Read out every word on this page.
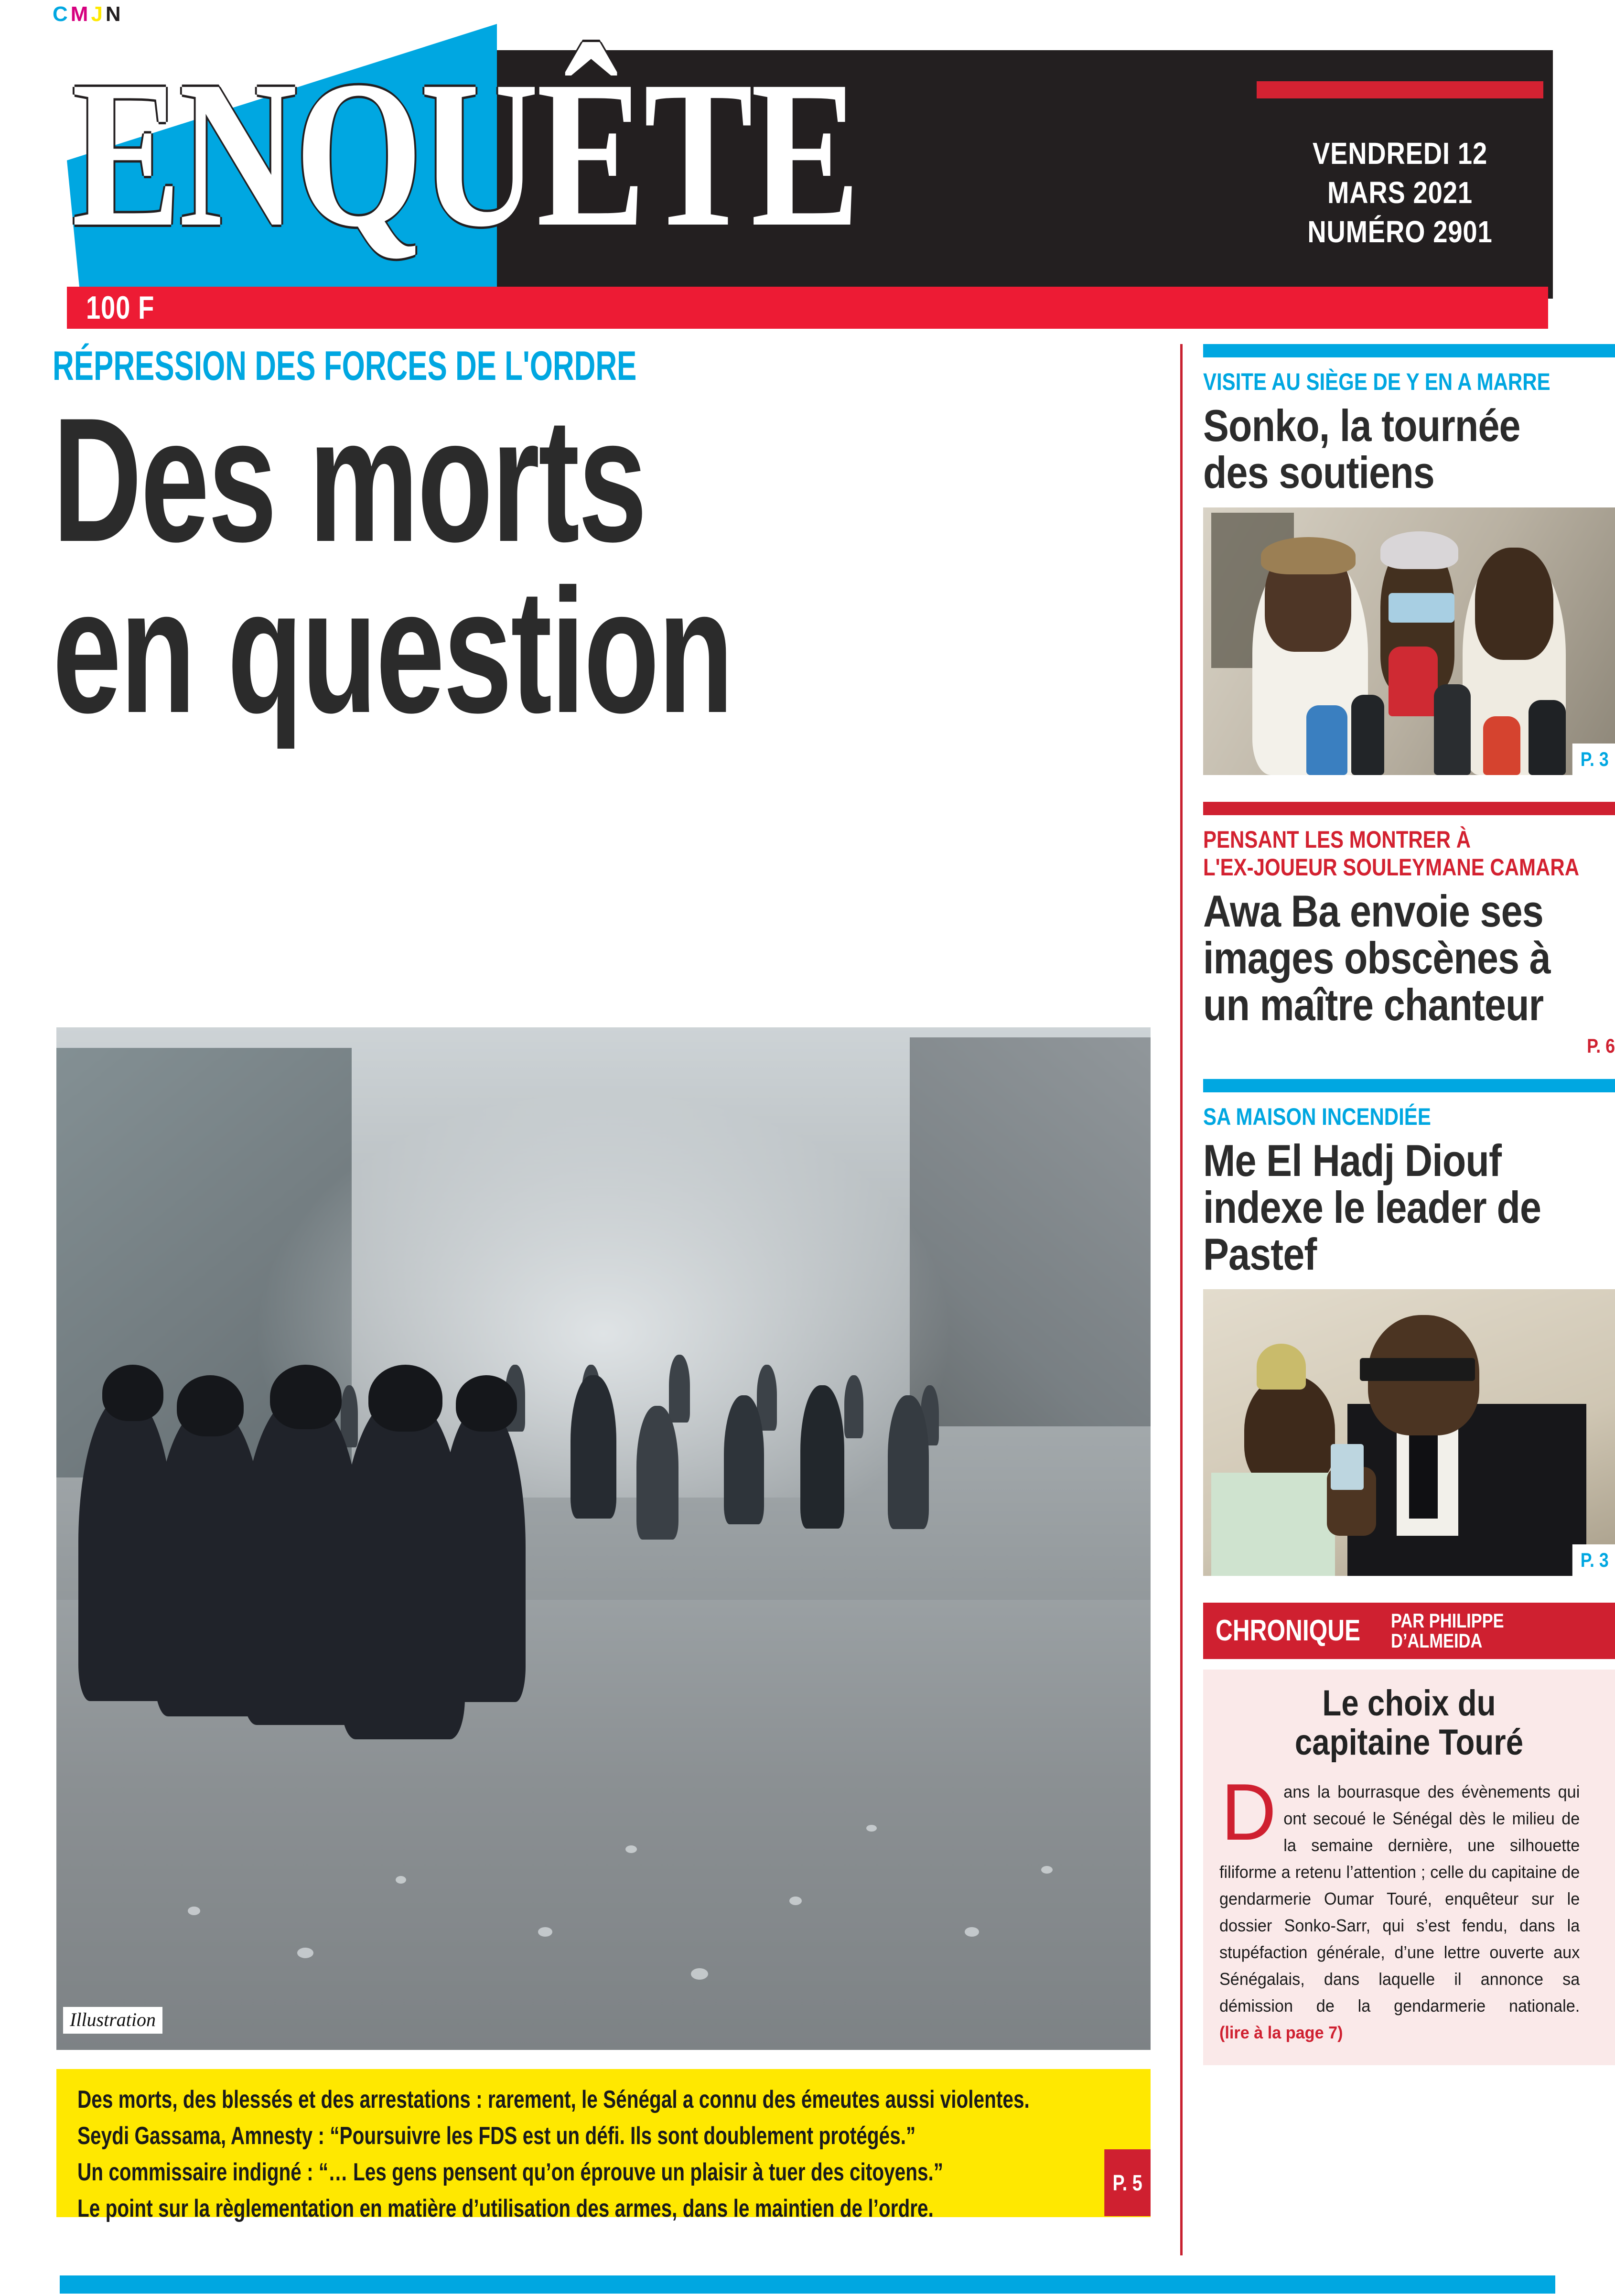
CMJN
ENQUÊTE	VENDREDI 12
MARS 2021
NUMÉRO 2901
100 F
RÉPRESSION DES FORCES DE L'ORDRE
Des morts
en question
Illustration

Des morts, des blessés et des arrestations : rarement, le Sénégal a connu des émeutes aussi violentes.

Seydi Gassama, Amnesty : “Poursuivre les FDS est un défi. Ils sont doublement protégés.”

Un commissaire indigné : “… Les gens pensent qu’on éprouve un plaisir à tuer des citoyens.”

Le point sur la règlementation en matière d’utilisation des armes, dans le maintien de l’ordre.

P. 5
VISITE AU SIÈGE DE Y EN A MARRE
Sonko, la tournée des soutiens
P. 3
PENSANT LES MONTRER À
L'EX-JOUEUR SOULEYMANE CAMARA
Awa Ba envoie ses images obscènes à un maître chanteur
P. 6
SA MAISON INCENDIÉE
Me El Hadj Diouf indexe le leader de Pastef
P. 3
CHRONIQUE PAR PHILIPPE D’ALMEIDA
Le choix du
capitaine Touré
Dans la bourrasque des évènements qui ont secoué le Sénégal dès le milieu de la semaine dernière, une silhouette filiforme a retenu l’attention ; celle du capitaine de gendarmerie Oumar Touré, enquêteur sur le dossier Sonko-Sarr, qui s’est fendu, dans la stupéfaction générale, d’une lettre ouverte aux Sénégalais, dans laquelle il annonce sa démission de la gendarmerie nationale. (lire à la page 7)
